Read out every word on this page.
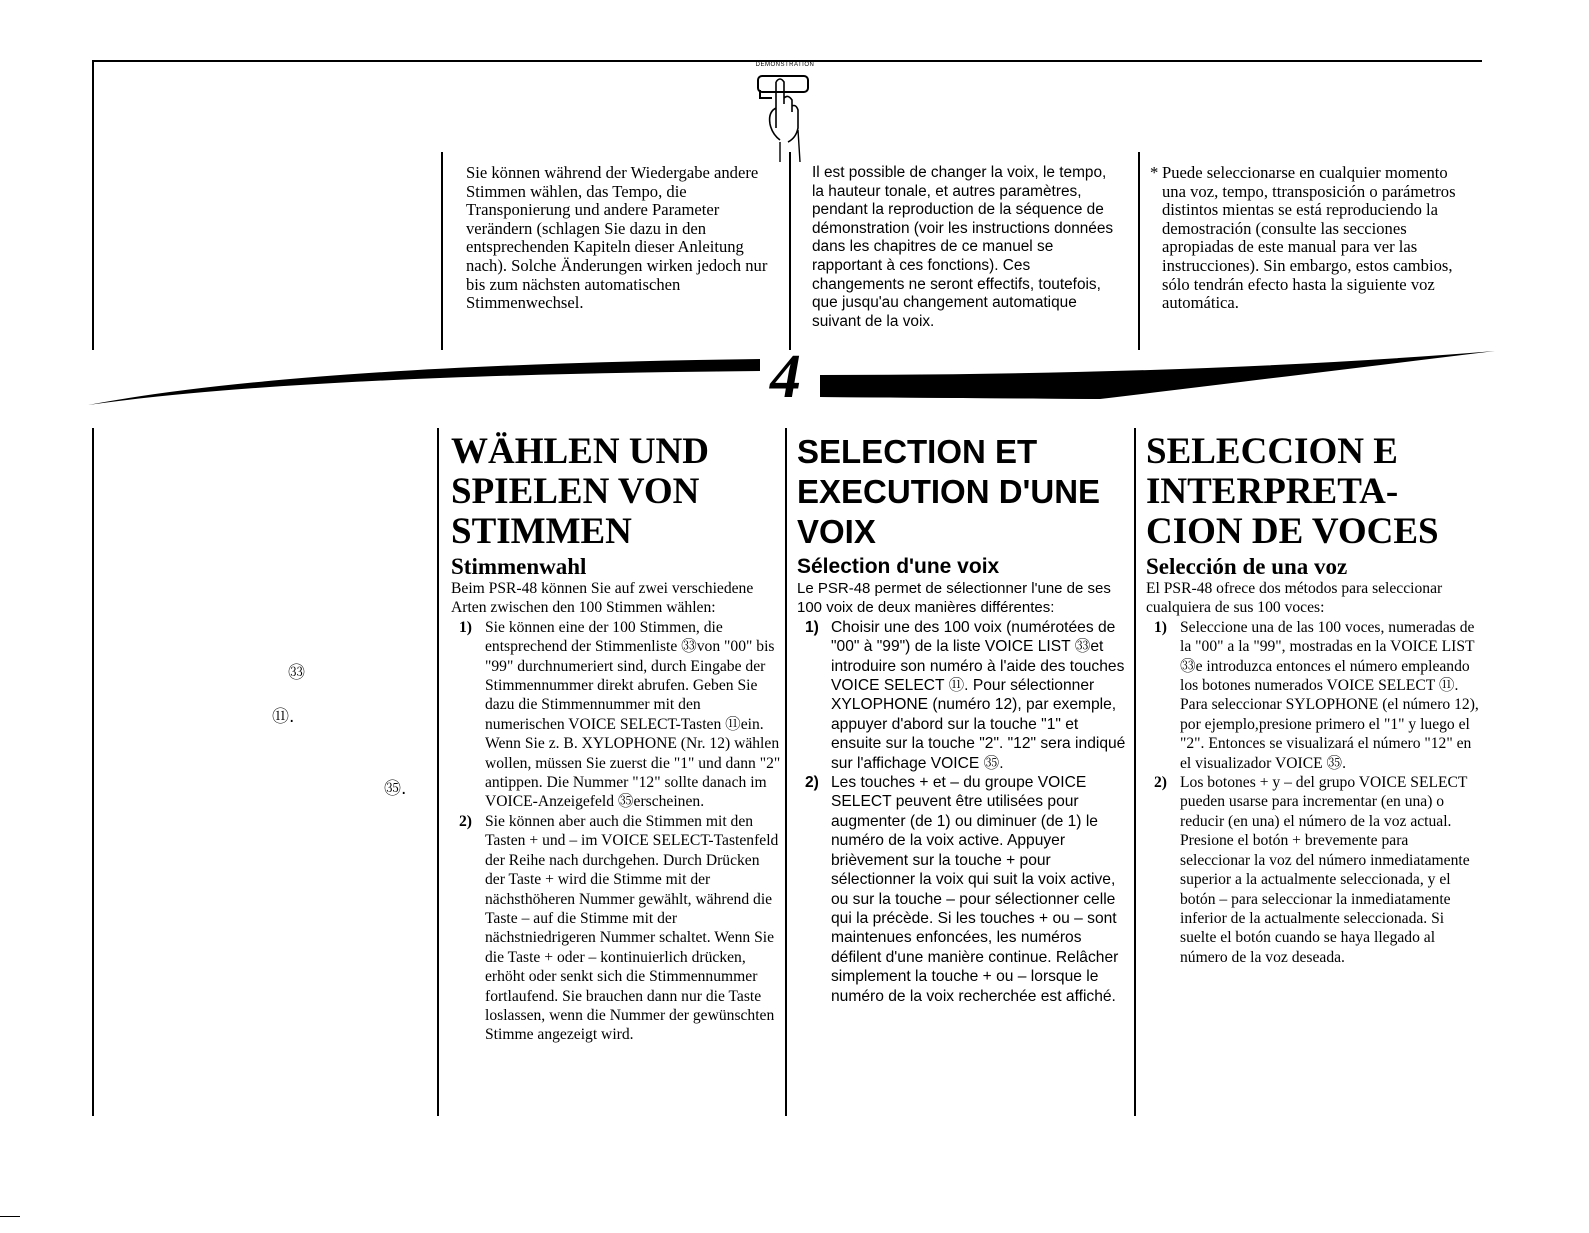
DEMONSTRATION

Sie können während der Wiedergabe andere Stimmen wählen, das Tempo, die Transponierung und andere Parameter verändern (schlagen Sie dazu in den entsprechenden Kapiteln dieser Anleitung nach). Solche Änderungen wirken jedoch nur bis zum nächsten automatischen Stimmenwechsel.

Il est possible de changer la voix, le tempo, la hauteur tonale, et autres paramètres, pendant la reproduction de la séquence de démonstration (voir les instructions données dans les chapitres de ce manuel se rapportant à ces fonctions). Ces changements ne seront effectifs, toutefois, que jusqu'au changement automatique suivant de la voix.

* Puede seleccionarse en cualquier momento una voz, tempo, ttransposición o parámetros distintos mientas se está reproduciendo la demostración (consulte las secciones apropiadas de este manual para ver las instrucciones). Sin embargo, estos cambios, sólo tendrán efecto hasta la siguiente voz automática.

4
㉝
⑪.
㉟.
WÄHLEN UND
SPIELEN VON
STIMMEN
Stimmenwahl

Beim PSR-48 können Sie auf zwei verschiedene Arten zwischen den 100 Stimmen wählen:

1) Sie können eine der 100 Stimmen, die entsprechend der Stimmenliste ㉝von "00" bis "99" durchnumeriert sind, durch Eingabe der Stimmennummer direkt abrufen. Geben Sie dazu die Stimmennummer mit den numerischen VOICE SELECT-Tasten ⑪ein. Wenn Sie z. B. XYLOPHONE (Nr. 12) wählen wollen, müssen Sie zuerst die "1" und dann "2" antippen. Die Nummer "12" sollte danach im VOICE-Anzeigefeld ㉟erscheinen.
2) Sie können aber auch die Stimmen mit den Tasten + und – im VOICE SELECT-Tastenfeld der Reihe nach durchgehen. Durch Drücken der Taste + wird die Stimme mit der nächsthöheren Nummer gewählt, während die Taste – auf die Stimme mit der nächstniedrigeren Nummer schaltet. Wenn Sie die Taste + oder – kontinuierlich drücken, erhöht oder senkt sich die Stimmennummer fortlaufend. Sie brauchen dann nur die Taste loslassen, wenn die Nummer der gewünschten Stimme angezeigt wird.
SELECTION ET
EXECUTION D'UNE
VOIX
Sélection d'une voix

Le PSR-48 permet de sélectionner l'une de ses 100 voix de deux manières différentes:

1) Choisir une des 100 voix (numérotées de "00" à "99") de la liste VOICE LIST ㉝et introduire son numéro à l'aide des touches VOICE SELECT ⑪. Pour sélectionner XYLOPHONE (numéro 12), par exemple, appuyer d'abord sur la touche "1" et ensuite sur la touche "2". "12" sera indiqué sur l'affichage VOICE ㉟.
2) Les touches + et – du groupe VOICE SELECT peuvent être utilisées pour augmenter (de 1) ou diminuer (de 1) le numéro de la voix active. Appuyer brièvement sur la touche + pour sélectionner la voix qui suit la voix active, ou sur la touche – pour sélectionner celle qui la précède. Si les touches + ou – sont maintenues enfoncées, les numéros défilent d'une manière continue. Relâcher simplement la touche + ou – lorsque le numéro de la voix recherchée est affiché.
SELECCION E
INTERPRETA-
CION DE VOCES
Selección de una voz

El PSR-48 ofrece dos métodos para seleccionar cualquiera de sus 100 voces:

1) Seleccione una de las 100 voces, numeradas de la "00" a la "99", mostradas en la VOICE LIST ㉝e introduzca entonces el número empleando los botones numerados VOICE SELECT ⑪. Para seleccionar SYLOPHONE (el número 12), por ejemplo,presione primero el "1" y luego el "2". Entonces se visualizará el número "12" en el visualizador VOICE ㉟.
2) Los botones + y – del grupo VOICE SELECT pueden usarse para incrementar (en una) o reducir (en una) el número de la voz actual. Presione el botón + brevemente para seleccionar la voz del número inmediatamente superior a la actualmente seleccionada, y el botón – para seleccionar la inmediatamente inferior de la actualmente seleccionada. Si suelte el botón cuando se haya llegado al número de la voz deseada.
